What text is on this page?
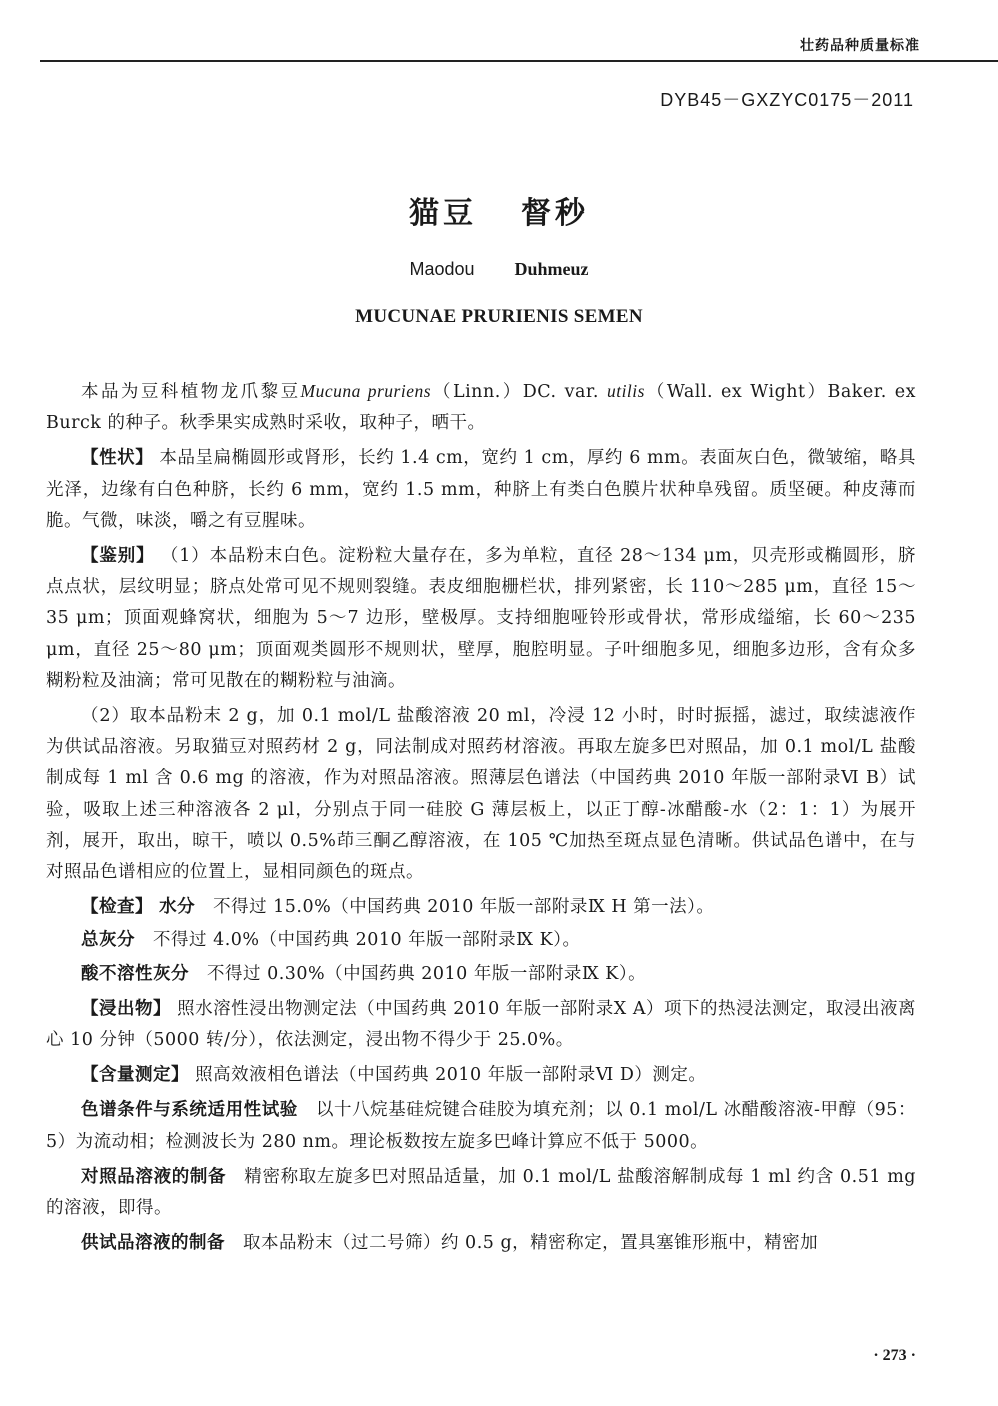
壮药品种质量标准
DYB45－GXZYC0175－2011
猫豆 督秒
Maodou Duhmeuz
MUCUNAE PRURIENIS SEMEN

本品为豆科植物龙爪黎豆Mucuna pruriens（Linn.）DC. var. utilis（Wall. ex Wight）Baker. ex Burck 的种子。秋季果实成熟时采收，取种子，晒干。

【性状】 本品呈扁椭圆形或肾形，长约 1.4 cm，宽约 1 cm，厚约 6 mm。表面灰白色，微皱缩，略具光泽，边缘有白色种脐，长约 6 mm，宽约 1.5 mm，种脐上有类白色膜片状种阜残留。质坚硬。种皮薄而脆。气微，味淡，嚼之有豆腥味。

【鉴别】 （1）本品粉末白色。淀粉粒大量存在，多为单粒，直径 28～134 μm，贝壳形或椭圆形，脐点点状，层纹明显；脐点处常可见不规则裂缝。表皮细胞栅栏状，排列紧密，长 110～285 μm，直径 15～35 μm；顶面观蜂窝状，细胞为 5～7 边形，壁极厚。支持细胞哑铃形或骨状，常形成缢缩，长 60～235 μm，直径 25～80 μm；顶面观类圆形不规则状，壁厚，胞腔明显。子叶细胞多见，细胞多边形，含有众多糊粉粒及油滴；常可见散在的糊粉粒与油滴。

（2）取本品粉末 2 g，加 0.1 mol/L 盐酸溶液 20 ml，冷浸 12 小时，时时振摇，滤过，取续滤液作为供试品溶液。另取猫豆对照药材 2 g，同法制成对照药材溶液。再取左旋多巴对照品，加 0.1 mol/L 盐酸制成每 1 ml 含 0.6 mg 的溶液，作为对照品溶液。照薄层色谱法（中国药典 2010 年版一部附录Ⅵ B）试验，吸取上述三种溶液各 2 μl，分别点于同一硅胶 G 薄层板上，以正丁醇-冰醋酸-水（2：1：1）为展开剂，展开，取出，晾干，喷以 0.5%茚三酮乙醇溶液，在 105 ℃加热至斑点显色清晰。供试品色谱中，在与对照品色谱相应的位置上，显相同颜色的斑点。

【检查】 水分　 不得过 15.0%（中国药典 2010 年版一部附录Ⅸ H 第一法）。

总灰分　 不得过 4.0%（中国药典 2010 年版一部附录Ⅸ K）。

酸不溶性灰分　 不得过 0.30%（中国药典 2010 年版一部附录Ⅸ K）。

【浸出物】 照水溶性浸出物测定法（中国药典 2010 年版一部附录Ⅹ A）项下的热浸法测定，取浸出液离心 10 分钟（5000 转/分），依法测定，浸出物不得少于 25.0%。

【含量测定】 照高效液相色谱法（中国药典 2010 年版一部附录Ⅵ D）测定。

色谱条件与系统适用性试验　 以十八烷基硅烷键合硅胶为填充剂；以 0.1 mol/L 冰醋酸溶液-甲醇（95：5）为流动相；检测波长为 280 nm。理论板数按左旋多巴峰计算应不低于 5000。

对照品溶液的制备　 精密称取左旋多巴对照品适量，加 0.1 mol/L 盐酸溶解制成每 1 ml 约含 0.51 mg 的溶液，即得。

供试品溶液的制备　 取本品粉末（过二号筛）约 0.5 g，精密称定，置具塞锥形瓶中，精密加

· 273 ·
